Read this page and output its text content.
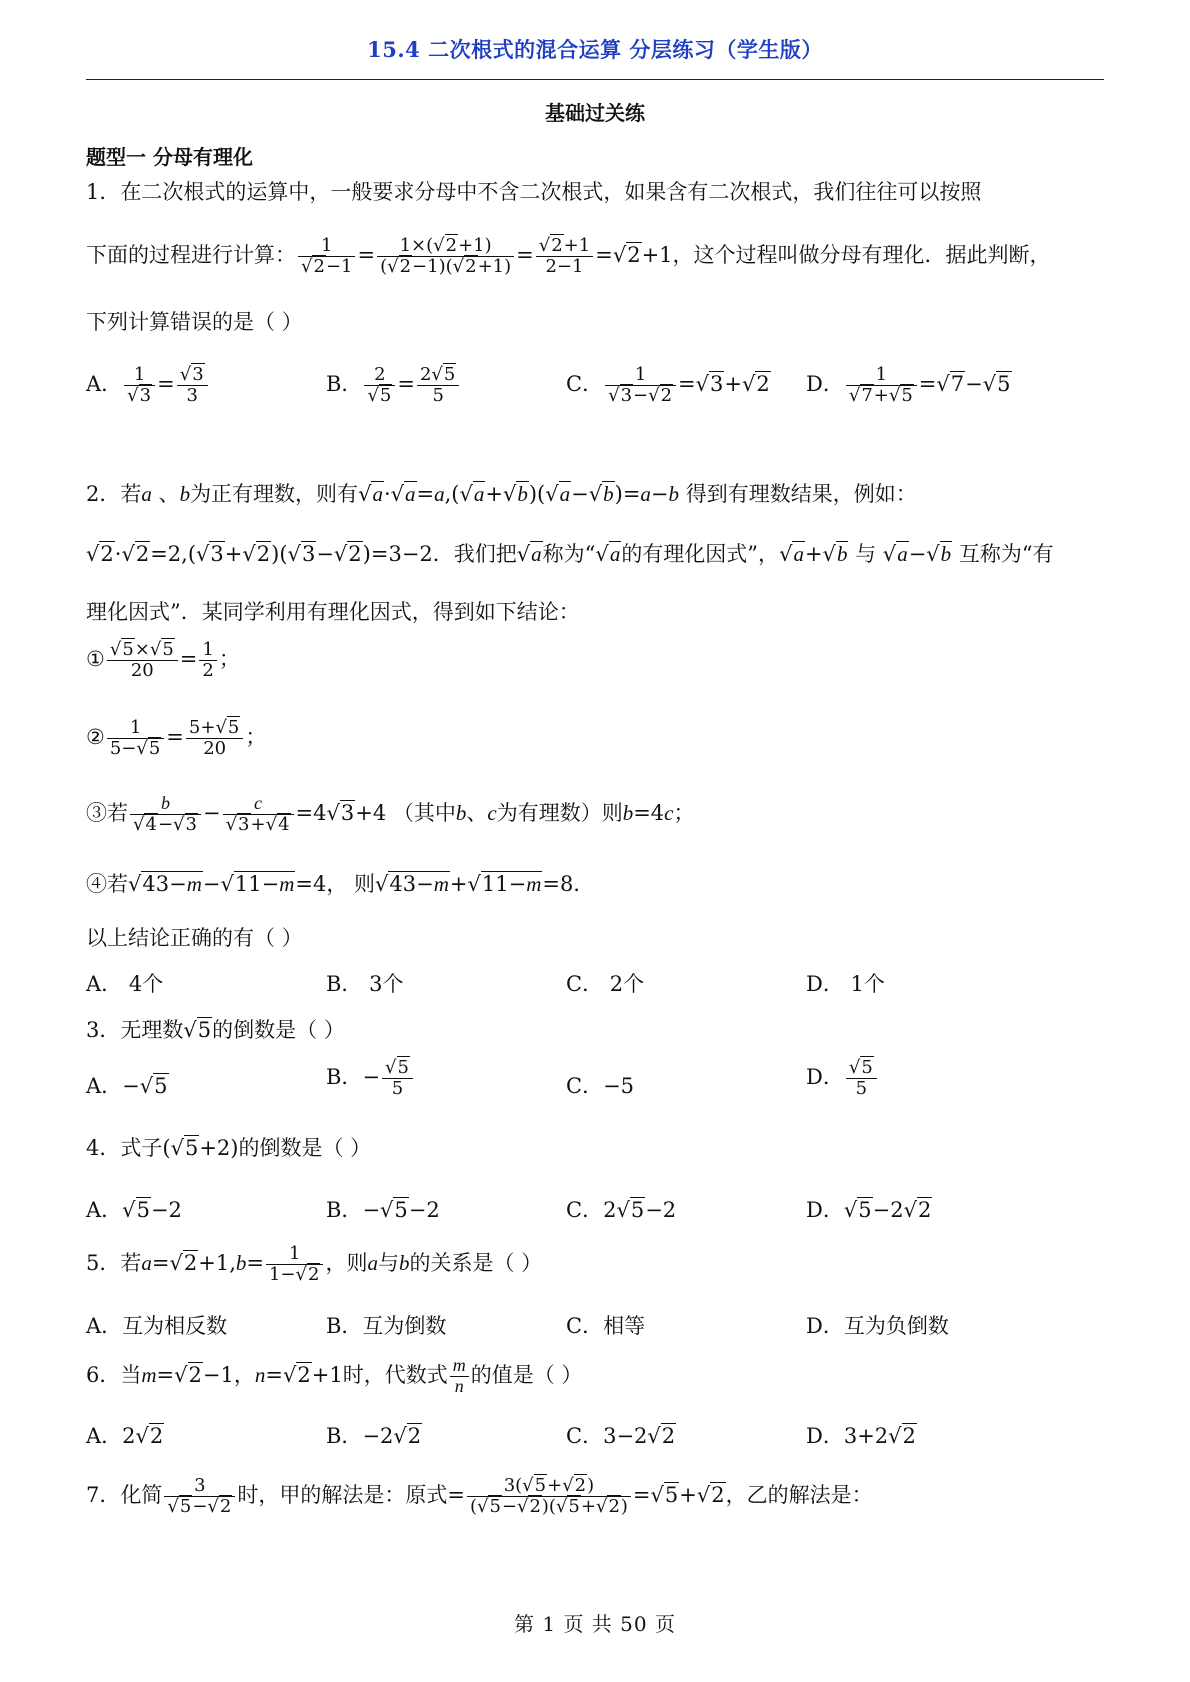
15.4 二次根式的混合运算 分层练习（学生版）
基础过关练
题型一 分母有理化
1．在二次根式的运算中，一般要求分母中不含二次根式，如果含有二次根式，我们往往可以按照
下面的过程进行计算： $\frac{1}{√2-1} = \frac{1\times(√2+1)}{(√2-1)(√2+1)} = \frac{√2+1}{2-1} =√2+1$，这个过程叫做分母有理化．据此判断，
下列计算错误的是（ ）
A． $\frac{1}{√3} = \frac{√3}{3}$	B． $\frac{2}{√5} = \frac{2√5}{5}$	C． $\frac{1}{√3-√2} =√3+√2$ D． $\frac{1}{√7+√5} =√7-√5$
2．若a 、b为正有理数，则有√a·√a=a,(√a+√b)(√a−√b)=a−b 得到有理数结果，例如：
√2·√2=2,(√3+√2)(√3−√2)=3−2．我们把√a称为“√a的有理化因式”，√a+√b 与 √a−√b 互称为“有
理化因式”．某同学利用有理化因式，得到如下结论：
① $\frac{√5\times√5}{20} = \frac{1}{2}$ ；
② $\frac{1}{5-√5} = \frac{5+√5}{20}$ ；
③若 $\frac{b}{√4-√3} - \frac{c}{√3+√4} =4√3+4$ （其中b、c为有理数）则b=4c；
④若√43−m−√11−m=4， 则√43−m+√11−m=8．
以上结论正确的有（ ）
A． 4个	B． 3个	C． 2个	D． 1个
3．无理数√5的倒数是（ ）
A．−√5	B．− $\frac{√5}{5}$	C．−5	D． $\frac{√5}{5}$
4．式子(√5+2)的倒数是（ ）
A．√5−2	B．−√5−2	C．2√5−2	D．√5−2√2
5．若$a=√2+1,b= \frac{1}{1-√2}$ ，则a与b的关系是（ ）
A．互为相反数	B．互为倒数	C．相等	D．互为负倒数
6．当m=√2−1，n=√2+1时，代数式 $\frac{m}{n}$ 的值是（ ）
A．2√2	B．−2√2	C．3−2√2	D．3+2√2
7．化简 $\frac{3}{√5-√2}$ 时，甲的解法是：原式= $\frac{3(√5+√2)}{(√5-√2)(√5+√2)} =√5+√2$，乙的解法是：
第 1 页 共 50 页
